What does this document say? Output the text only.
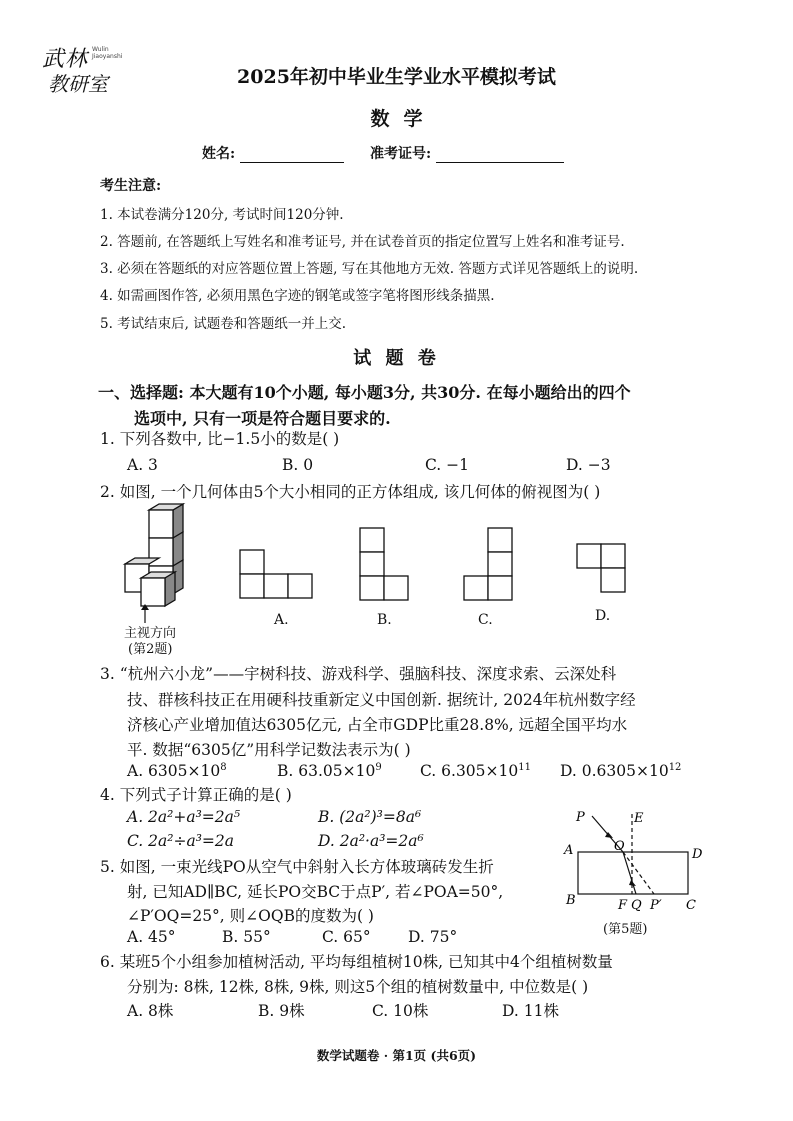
武林
教研室
Wulin Jiaoyanshi
2025年初中毕业生学业水平模拟考试
数学
姓名:	准考证号:
考生注意:
1. 本试卷满分120分, 考试时间120分钟.
2. 答题前, 在答题纸上写姓名和准考证号, 并在试卷首页的指定位置写上姓名和准考证号.
3. 必须在答题纸的对应答题位置上答题, 写在其他地方无效. 答题方式详见答题纸上的说明.
4. 如需画图作答, 必须用黑色字迹的钢笔或签字笔将图形线条描黑.
5. 考试结束后, 试题卷和答题纸一并上交.
试 题 卷
一、选择题: 本大题有10个小题, 每小题3分, 共30分. 在每小题给出的四个
选项中, 只有一项是符合题目要求的.
1. 下列各数中, 比−1.5小的数是( )
A. 3	B. 0	C. −1	D. −3
2. 如图, 一个几何体由5个大小相同的正方体组成, 该几何体的俯视图为( )
主视方向
(第2题)
A.	B.	C.	D.
3. “杭州六小龙”——宇树科技、游戏科学、强脑科技、深度求索、云深处科
技、群核科技正在用硬科技重新定义中国创新. 据统计, 2024年杭州数字经
济核心产业增加值达6305亿元, 占全市GDP比重28.8%, 远超全国平均水
平. 数据“6305亿”用科学记数法表示为( )
A. $6305\times 10^8$	B. $63.05\times 10^9$ C. $6.305\times 10^{11}$ D. $0.6305\times 10^{12}$
4. 下列式子计算正确的是( )
A. 2a²+a³=2a⁵	B. (2a²)³=8a⁶
C. 2a²÷a³=2a	D. 2a²·a³=2a⁶
5. 如图, 一束光线PO从空气中斜射入长方体玻璃砖发生折
射, 已知AD∥BC, 延长PO交BC于点P′, 若∠POA=50°,
∠P′OQ=25°, 则∠OQB的度数为( )
A. 45°	B. 55°	C. 65° D. 75°
P	E
A	O
D
B	F Q P′ C
(第5题)
6. 某班5个小组参加植树活动, 平均每组植树10株, 已知其中4个组植树数量
分别为: 8株, 12株, 8株, 9株, 则这5个组的植树数量中, 中位数是( )
A. 8株	B. 9株	C. 10株	D. 11株
数学试题卷 · 第1页 (共6页)
